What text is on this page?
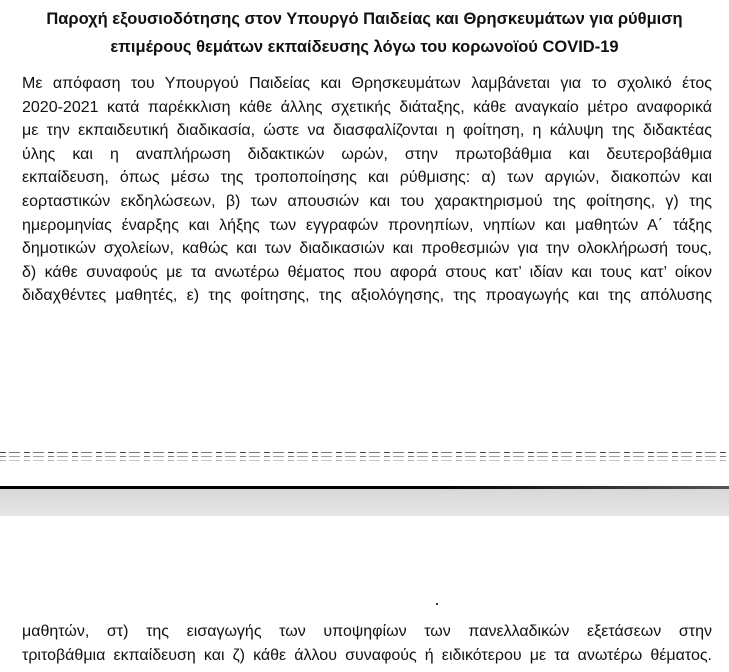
Παροχή εξουσιοδότησης στον Υπουργό Παιδείας και Θρησκευμάτων για ρύθμιση
επιμέρους θεμάτων εκπαίδευσης λόγω του κορωνοϊού COVID-19
Με απόφαση του Υπουργού Παιδείας και Θρησκευμάτων λαμβάνεται για το σχολικό έτος
2020-2021 κατά παρέκκλιση κάθε άλλης σχετικής διάταξης, κάθε αναγκαίο μέτρο αναφορικά
με την εκπαιδευτική διαδικασία, ώστε να διασφαλίζονται η φοίτηση, η κάλυψη της διδακτέας
ύλης και η αναπλήρωση διδακτικών ωρών, στην πρωτοβάθμια και δευτεροβάθμια
εκπαίδευση, όπως μέσω της τροποποίησης και ρύθμισης: α) των αργιών, διακοπών και
εορταστικών εκδηλώσεων, β) των απουσιών και του χαρακτηρισμού της φοίτησης, γ) της
ημερομηνίας έναρξης και λήξης των εγγραφών προνηπίων, νηπίων και μαθητών Α΄ τάξης
δημοτικών σχολείων, καθώς και των διαδικασιών και προθεσμιών για την ολοκλήρωσή τους,
δ) κάθε συναφούς με τα ανωτέρω θέματος που αφορά στους κατ’ ιδίαν και τους κατ’ οίκον
διδαχθέντες μαθητές, ε) της φοίτησης, της αξιολόγησης, της προαγωγής και της απόλυσης
μαθητών, στ) της εισαγωγής των υποψηφίων των πανελλαδικών εξετάσεων στην
τριτοβάθμια εκπαίδευση και ζ) κάθε άλλου συναφούς ή ειδικότερου με τα ανωτέρω θέματος.
